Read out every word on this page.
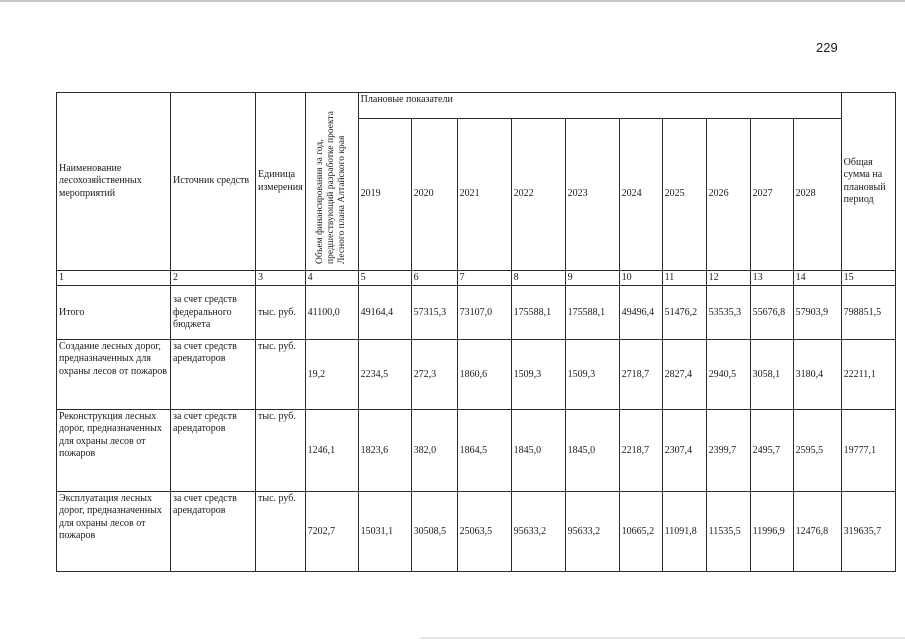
229
Наименование лесохозяйственных мероприятий	Источник средств	Единица измерения	Объем финансирования за год, предшествующий разработке проекта Лесного плана Алтайского края	Плановые показатели										Общая сумма на плановый период
				2019	2020	2021	2022	2023	2024	2025	2026	2027	2028	
1	2	3	4	5	6	7	8	9	10	11	12	13	14	15
Итого	за счет средств федерального бюджета	тыс. руб.	41100,0	49164,4	57315,3	73107,0	175588,1	175588,1	49496,4	51476,2	53535,3	55676,8	57903,9	798851,5
Создание лесных дорог, предназначенных для охраны лесов от пожаров	за счет средств арендаторов	тыс. руб.	19,2	2234,5	272,3	1860,6	1509,3	1509,3	2718,7	2827,4	2940,5	3058,1	3180,4	22211,1
Реконструкция лесных дорог, предназначенных для охраны лесов от пожаров	за счет средств арендаторов	тыс. руб.	1246,1	1823,6	382,0	1864,5	1845,0	1845,0	2218,7	2307,4	2399,7	2495,7	2595,5	19777,1
Эксплуатация лесных дорог, предназначенных для охраны лесов от пожаров	за счет средств арендаторов	тыс. руб.	7202,7	15031,1	30508,5	25063,5	95633,2	95633,2	10665,2	11091,8	11535,5	11996,9	12476,8	319635,7
